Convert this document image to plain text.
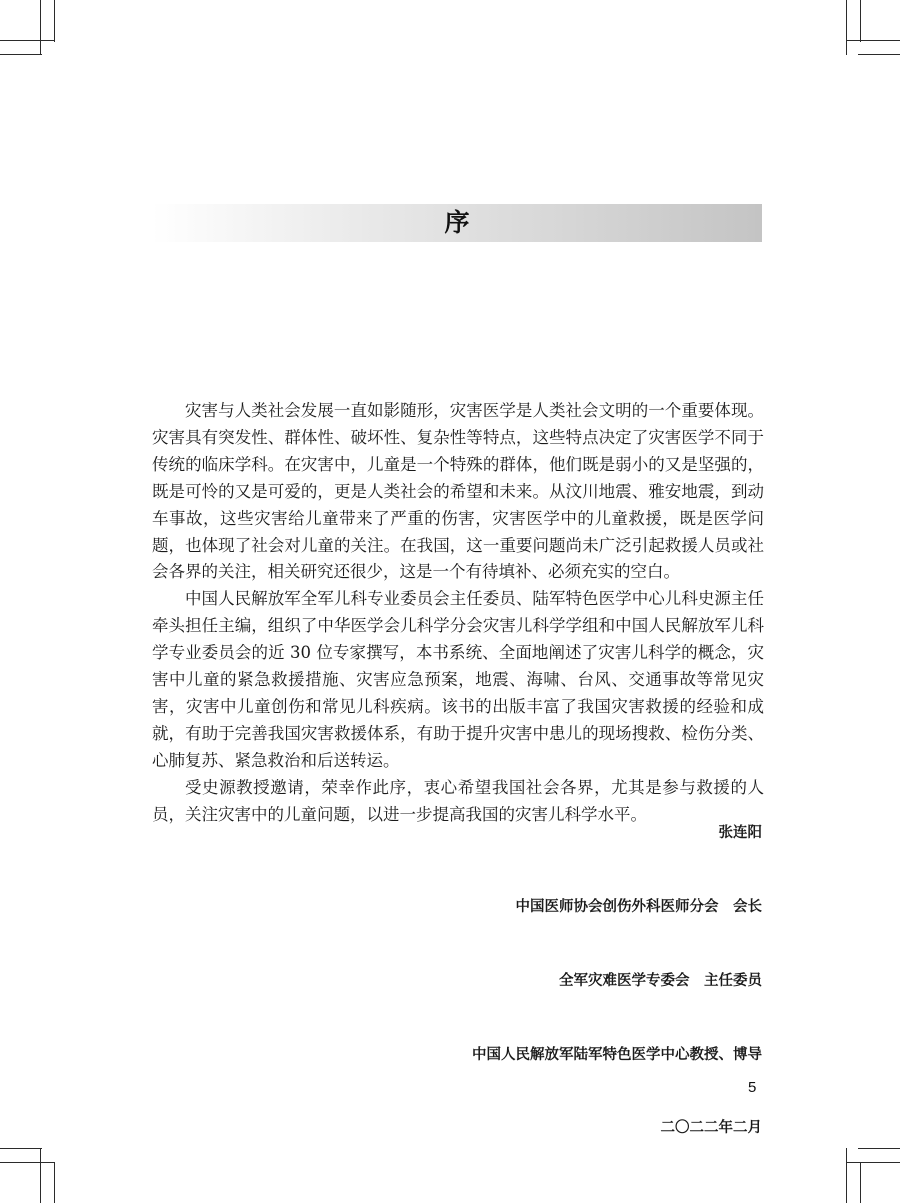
序

灾害与人类社会发展一直如影随形，灾害医学是人类社会文明的一个重要体现。灾害具有突发性、群体性、破坏性、复杂性等特点，这些特点决定了灾害医学不同于传统的临床学科。在灾害中，儿童是一个特殊的群体，他们既是弱小的又是坚强的，既是可怜的又是可爱的，更是人类社会的希望和未来。从汶川地震、雅安地震，到动车事故，这些灾害给儿童带来了严重的伤害，灾害医学中的儿童救援，既是医学问题，也体现了社会对儿童的关注。在我国，这一重要问题尚未广泛引起救援人员或社会各界的关注，相关研究还很少，这是一个有待填补、必须充实的空白。

中国人民解放军全军儿科专业委员会主任委员、陆军特色医学中心儿科史源主任牵头担任主编，组织了中华医学会儿科学分会灾害儿科学学组和中国人民解放军儿科学专业委员会的近 30 位专家撰写，本书系统、全面地阐述了灾害儿科学的概念，灾害中儿童的紧急救援措施、灾害应急预案，地震、海啸、台风、交通事故等常见灾害，灾害中儿童创伤和常见儿科疾病。该书的出版丰富了我国灾害救援的经验和成就，有助于完善我国灾害救援体系，有助于提升灾害中患儿的现场搜救、检伤分类、心肺复苏、紧急救治和后送转运。

受史源教授邀请，荣幸作此序，衷心希望我国社会各界，尤其是参与救援的人员，关注灾害中的儿童问题，以进一步提高我国的灾害儿科学水平。

张连阳

中国医师协会创伤外科医师分会　会长

全军灾难医学专委会　主任委员

中国人民解放军陆军特色医学中心教授、博导

二〇二二年二月

5
